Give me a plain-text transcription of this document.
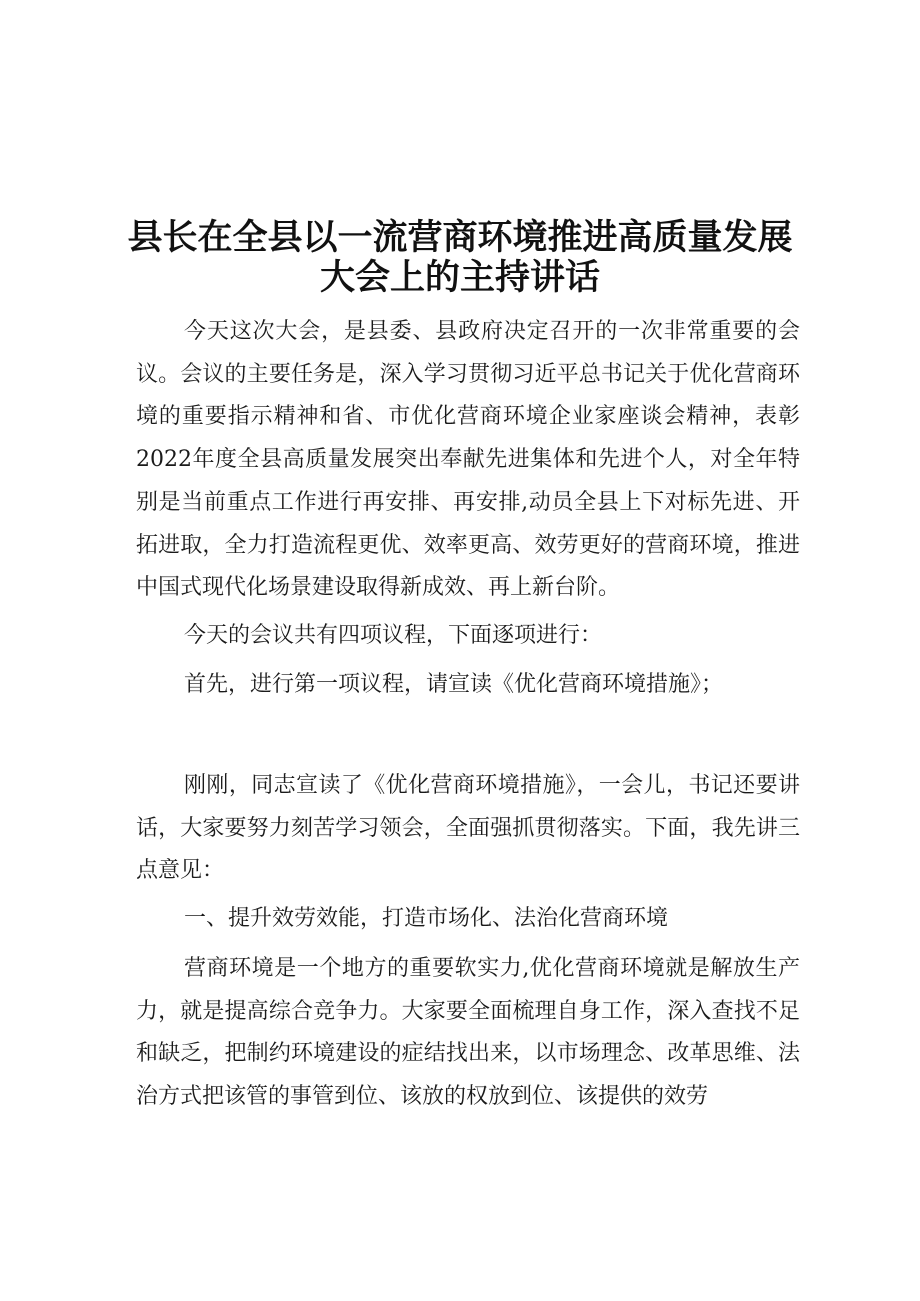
县长在全县以一流营商环境推进高质量发展
大会上的主持讲话

今天这次大会，是县委、县政府决定召开的一次非常重要的会议。会议的主要任务是，深入学习贯彻习近平总书记关于优化营商环境的重要指示精神和省、市优化营商环境企业家座谈会精神，表彰2022年度全县高质量发展突出奉献先进集体和先进个人，对全年特别是当前重点工作进行再安排、再安排,动员全县上下对标先进、开拓进取，全力打造流程更优、效率更高、效劳更好的营商环境，推进中国式现代化场景建设取得新成效、再上新台阶。

今天的会议共有四项议程，下面逐项进行：

首先，进行第一项议程，请宣读《优化营商环境措施》；

刚刚，同志宣读了《优化营商环境措施》，一会儿，书记还要讲话，大家要努力刻苦学习领会，全面强抓贯彻落实。下面，我先讲三点意见：

一、提升效劳效能，打造市场化、法治化营商环境

营商环境是一个地方的重要软实力,优化营商环境就是解放生产力，就是提高综合竞争力。大家要全面梳理自身工作，深入查找不足和缺乏，把制约环境建设的症结找出来，以市场理念、改革思维、法治方式把该管的事管到位、该放的权放到位、该提供的效劳
